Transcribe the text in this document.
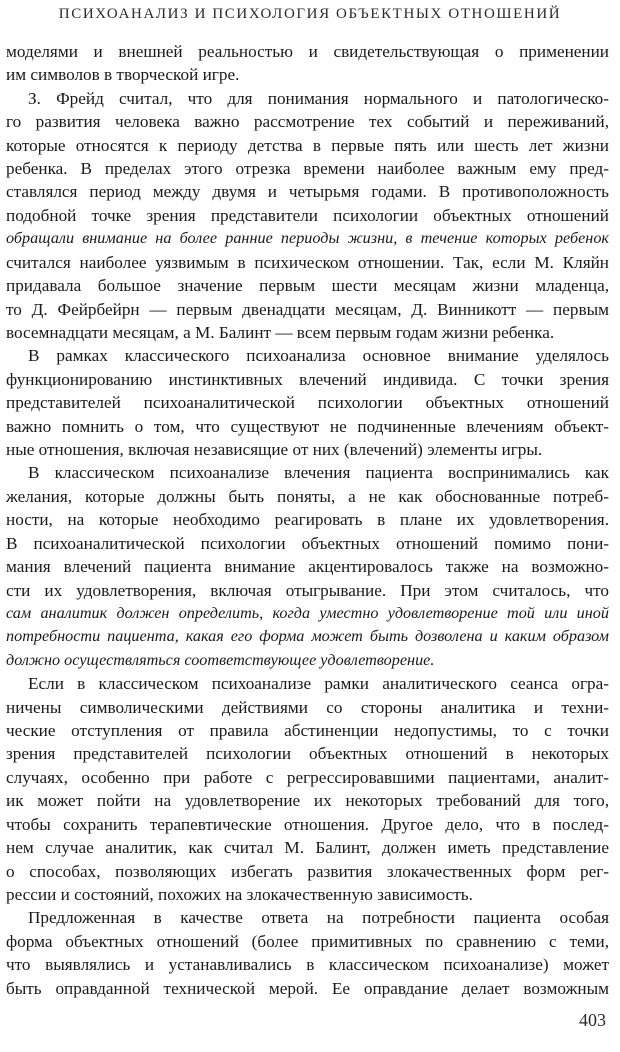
ПСИХОАНАЛИЗ И ПСИХОЛОГИЯ ОБЪЕКТНЫХ ОТНОШЕНИЙ
моделями и внешней реальностью и свидетельствующая о применении
им символов в творческой игре.
З. Фрейд считал, что для понимания нормального и патологическо-
го развития человека важно рассмотрение тех событий и переживаний,
которые относятся к периоду детства в первые пять или шесть лет жизни
ребенка. В пределах этого отрезка времени наиболее важным ему пред-
ставлялся период между двумя и четырьмя годами. В противоположность
подобной точке зрения представители психологии объектных отношений
обращали внимание на более ранние периоды жизни, в течение которых ребенок
считался наиболее уязвимым в психическом отношении. Так, если М. Кляйн
придавала большое значение первым шести месяцам жизни младенца,
то Д. Фейрбейрн — первым двенадцати месяцам, Д. Винникотт — первым
восемнадцати месяцам, а М. Балинт — всем первым годам жизни ребенка.
В рамках классического психоанализа основное внимание уделялось
функционированию инстинктивных влечений индивида. С точки зрения
представителей психоаналитической психологии объектных отношений
важно помнить о том, что существуют не подчиненные влечениям объект-
ные отношения, включая независящие от них (влечений) элементы игры.
В классическом психоанализе влечения пациента воспринимались как
желания, которые должны быть поняты, а не как обоснованные потреб-
ности, на которые необходимо реагировать в плане их удовлетворения.
В психоаналитической психологии объектных отношений помимо пони-
мания влечений пациента внимание акцентировалось также на возможно-
сти их удовлетворения, включая отыгрывание. При этом считалось, что
сам аналитик должен определить, когда уместно удовлетворение той или иной
потребности пациента, какая его форма может быть дозволена и каким образом
должно осуществляться соответствующее удовлетворение.
Если в классическом психоанализе рамки аналитического сеанса огра-
ничены символическими действиями со стороны аналитика и техни-
ческие отступления от правила абстиненции недопустимы, то с точки
зрения представителей психологии объектных отношений в некоторых
случаях, особенно при работе с регрессировавшими пациентами, аналит-
ик может пойти на удовлетворение их некоторых требований для того,
чтобы сохранить терапевтические отношения. Другое дело, что в послед-
нем случае аналитик, как считал М. Балинт, должен иметь представление
о способах, позволяющих избегать развития злокачественных форм рег-
рессии и состояний, похожих на злокачественную зависимость.
Предложенная в качестве ответа на потребности пациента особая
форма объектных отношений (более примитивных по сравнению с теми,
что выявлялись и устанавливались в классическом психоанализе) может
быть оправданной технической мерой. Ее оправдание делает возможным
403
